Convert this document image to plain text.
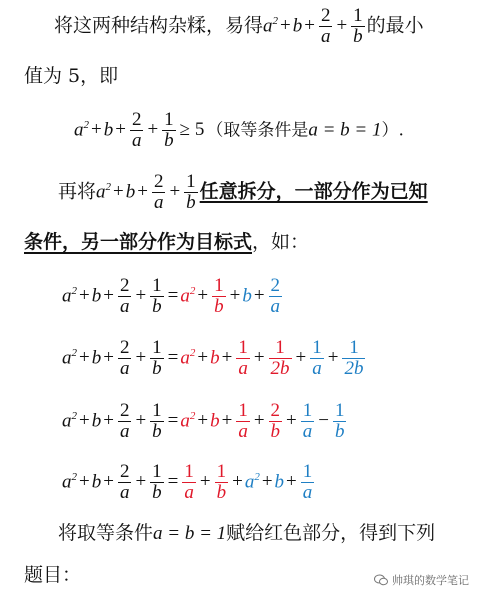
将这两种结构杂糅，易得$a^2 + b + \frac{2}{a} + \frac{1}{b}$ 的最小
值为 5，即
$a^2 + b + \frac{2}{a} + \frac{1}{b} \ge 5$ （取等条件是a = b = 1）.
再将$a^2 + b + \frac{2}{a} + \frac{1}{b}$ 任意拆分，一部分作为已知
条件，另一部分作为目标式，如：
$a^2 + b + \frac{2}{a} + \frac{1}{b} = a^2 + \frac{1}{b} + b + \frac{2}{a}$
$a^2 + b + \frac{2}{a} + \frac{1}{b} = a^2 + b + \frac{1}{a} + \frac{1}{2b} + \frac{1}{a} + \frac{1}{2b}$
$a^2 + b + \frac{2}{a} + \frac{1}{b} = a^2 + b + \frac{1}{a} + \frac{2}{b} + \frac{1}{a} - \frac{1}{b}$
$a^2 + b + \frac{2}{a} + \frac{1}{b} = \frac{1}{a} + \frac{1}{b} + a^2 + b + \frac{1}{a}$
将取等条件a = b = 1赋给红色部分，得到下列
题目：	帅琪的数学笔记
